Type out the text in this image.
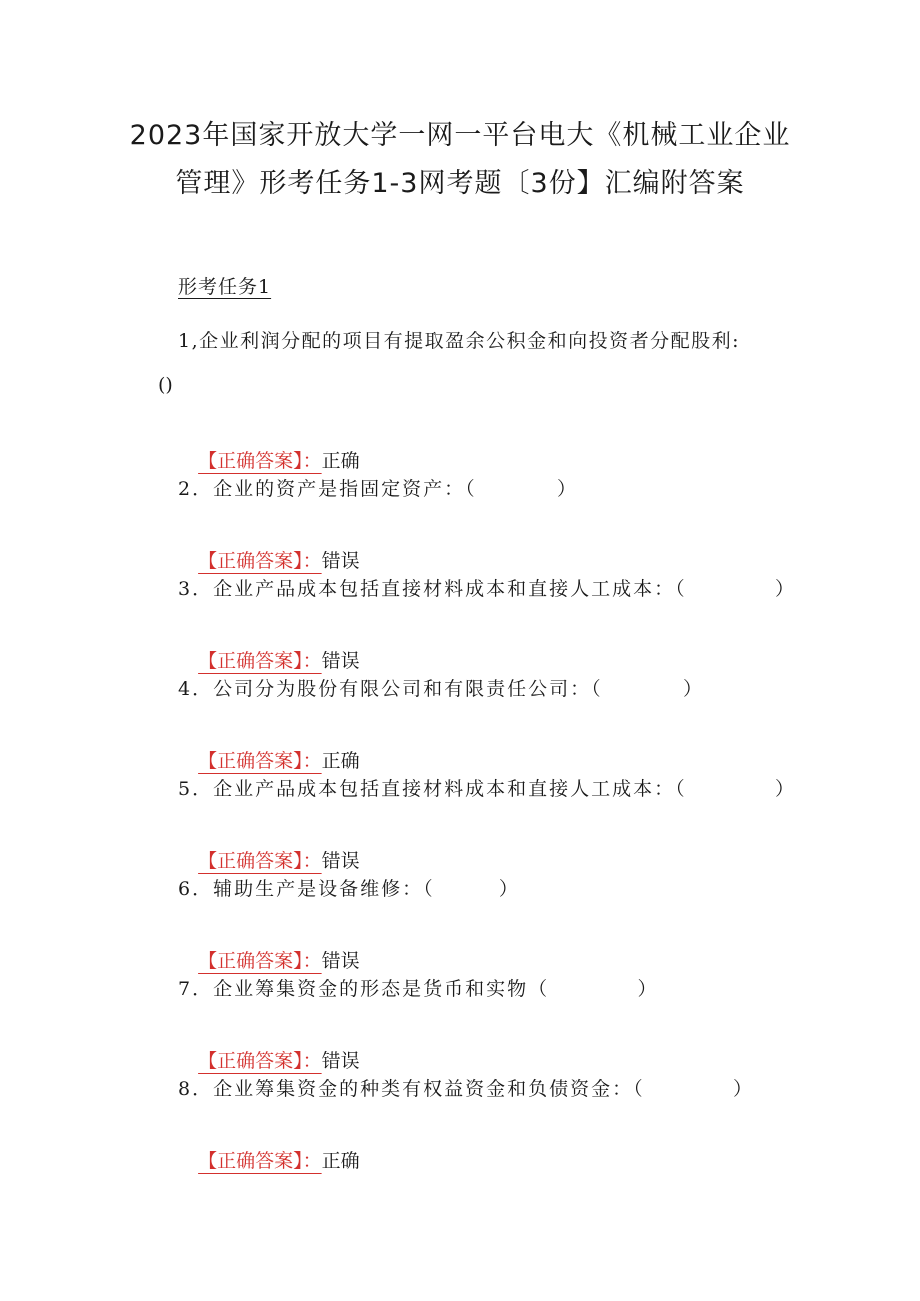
2023年国家开放大学一网一平台电大《机械工业企业
管理》形考任务1-3网考题〔3份】汇编附答案
形考任务1
1,企业利润分配的项目有提取盈余公积金和向投资者分配股利:
()

【正确答案】：正确

2．企业的资产是指固定资产：（          ）

【正确答案】：错误

3．企业产品成本包括直接材料成本和直接人工成本：（           ）

【正确答案】：错误

4．公司分为股份有限公司和有限责任公司：（          ）

【正确答案】：正确

5．企业产品成本包括直接材料成本和直接人工成本：（           ）

【正确答案】：错误

6．辅助生产是设备维修：（        ）

【正确答案】：错误

7．企业筹集资金的形态是货币和实物（           ）

【正确答案】：错误

8．企业筹集资金的种类有权益资金和负债资金：（           ）

【正确答案】：正确
